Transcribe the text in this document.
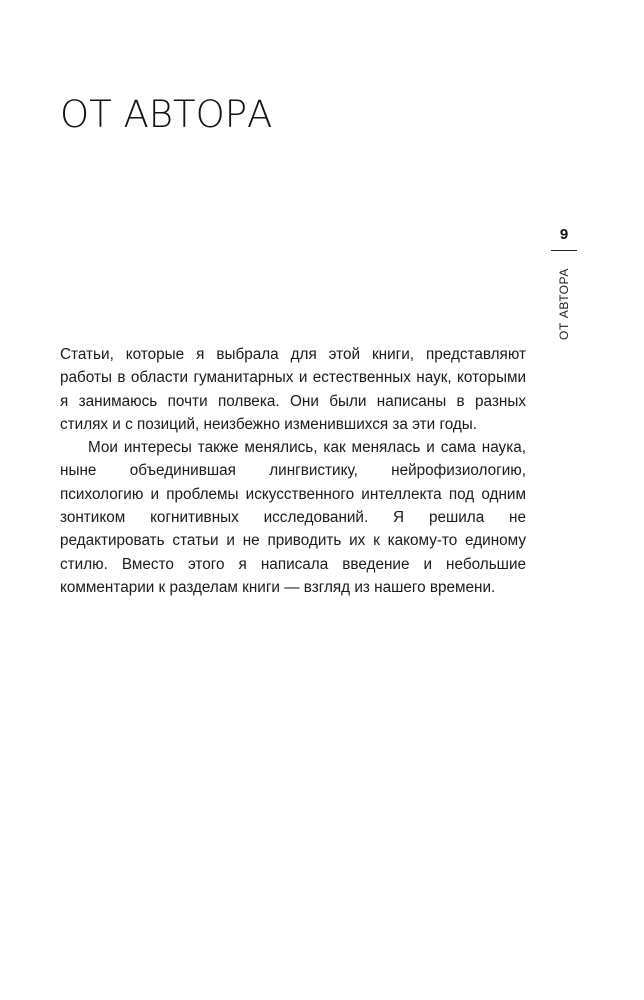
ОТ АВТОРА
9
ОТ АВТОРА

Статьи, которые я выбрала для этой книги, представляют работы в области гуманитарных и естественных наук, которыми я занимаюсь почти полвека. Они были написаны в разных стилях и с позиций, неизбежно изменившихся за эти годы.

Мои интересы также менялись, как менялась и сама наука, ныне объединившая лингвистику, нейрофизиологию, психологию и проблемы искусственного интеллекта под одним зонтиком когнитивных исследований. Я решила не редактировать статьи и не приводить их к какому-то единому стилю. Вместо этого я написала введение и небольшие комментарии к разделам книги — взгляд из нашего времени.
